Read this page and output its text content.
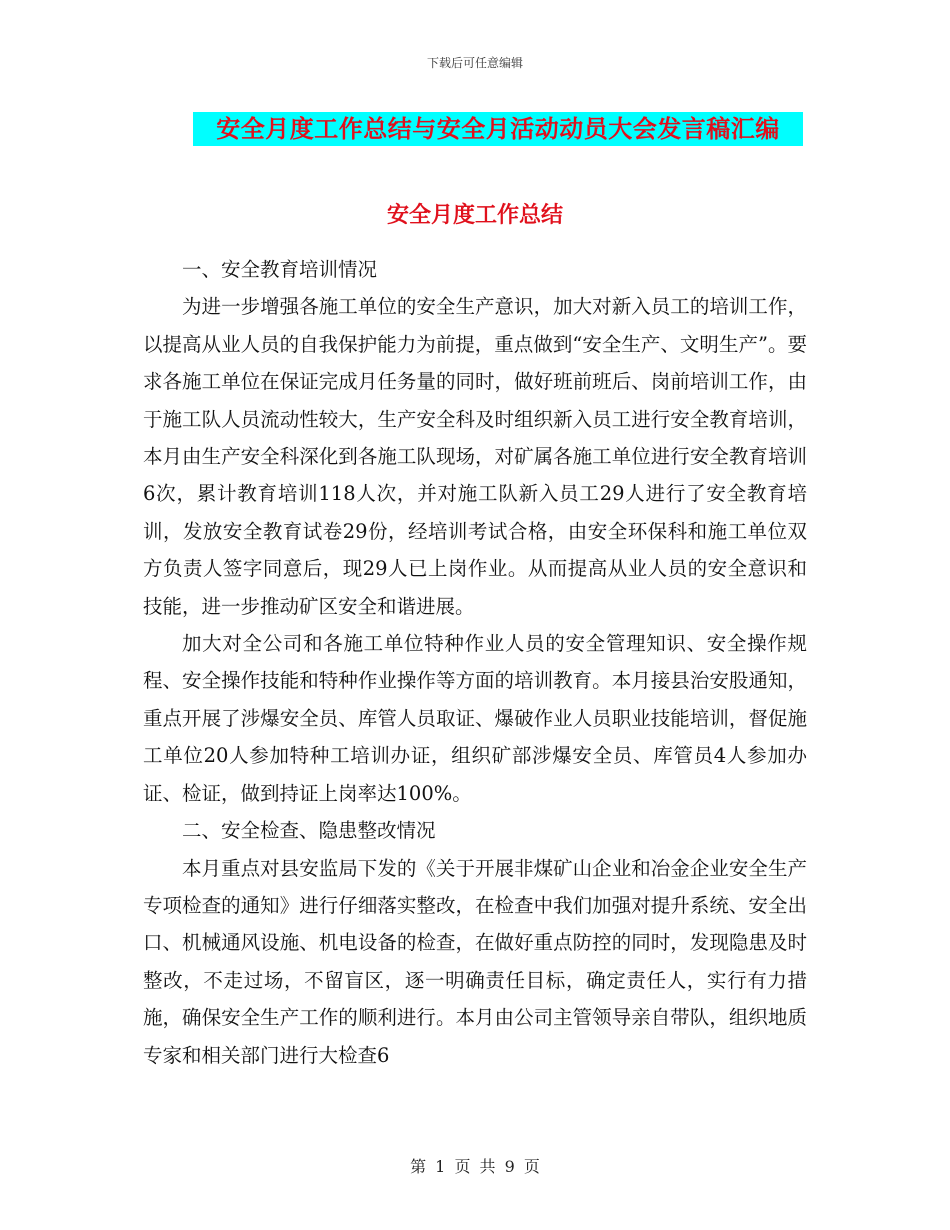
下载后可任意编辑
安全月度工作总结与安全月活动动员大会发言稿汇编
安全月度工作总结

一、安全教育培训情况

为进一步增强各施工单位的安全生产意识，加大对新入员工的培训工作，以提高从业人员的自我保护能力为前提，重点做到“安全生产、文明生产”。要求各施工单位在保证完成月任务量的同时，做好班前班后、岗前培训工作，由于施工队人员流动性较大，生产安全科及时组织新入员工进行安全教育培训，本月由生产安全科深化到各施工队现场，对矿属各施工单位进行安全教育培训6次，累计教育培训118人次，并对施工队新入员工29人进行了安全教育培训，发放安全教育试卷29份，经培训考试合格，由安全环保科和施工单位双方负责人签字同意后，现29人已上岗作业。从而提高从业人员的安全意识和技能，进一步推动矿区安全和谐进展。

加大对全公司和各施工单位特种作业人员的安全管理知识、安全操作规程、安全操作技能和特种作业操作等方面的培训教育。本月接县治安股通知，重点开展了涉爆安全员、库管人员取证、爆破作业人员职业技能培训，督促施工单位20人参加特种工培训办证，组织矿部涉爆安全员、库管员4人参加办证、检证，做到持证上岗率达100%。

二、安全检查、隐患整改情况

本月重点对县安监局下发的《关于开展非煤矿山企业和冶金企业安全生产专项检查的通知》进行仔细落实整改，在检查中我们加强对提升系统、安全出口、机械通风设施、机电设备的检查，在做好重点防控的同时，发现隐患及时整改，不走过场，不留盲区，逐一明确责任目标，确定责任人，实行有力措施，确保安全生产工作的顺利进行。本月由公司主管领导亲自带队，组织地质专家和相关部门进行大检查6

第 1 页 共 9 页
